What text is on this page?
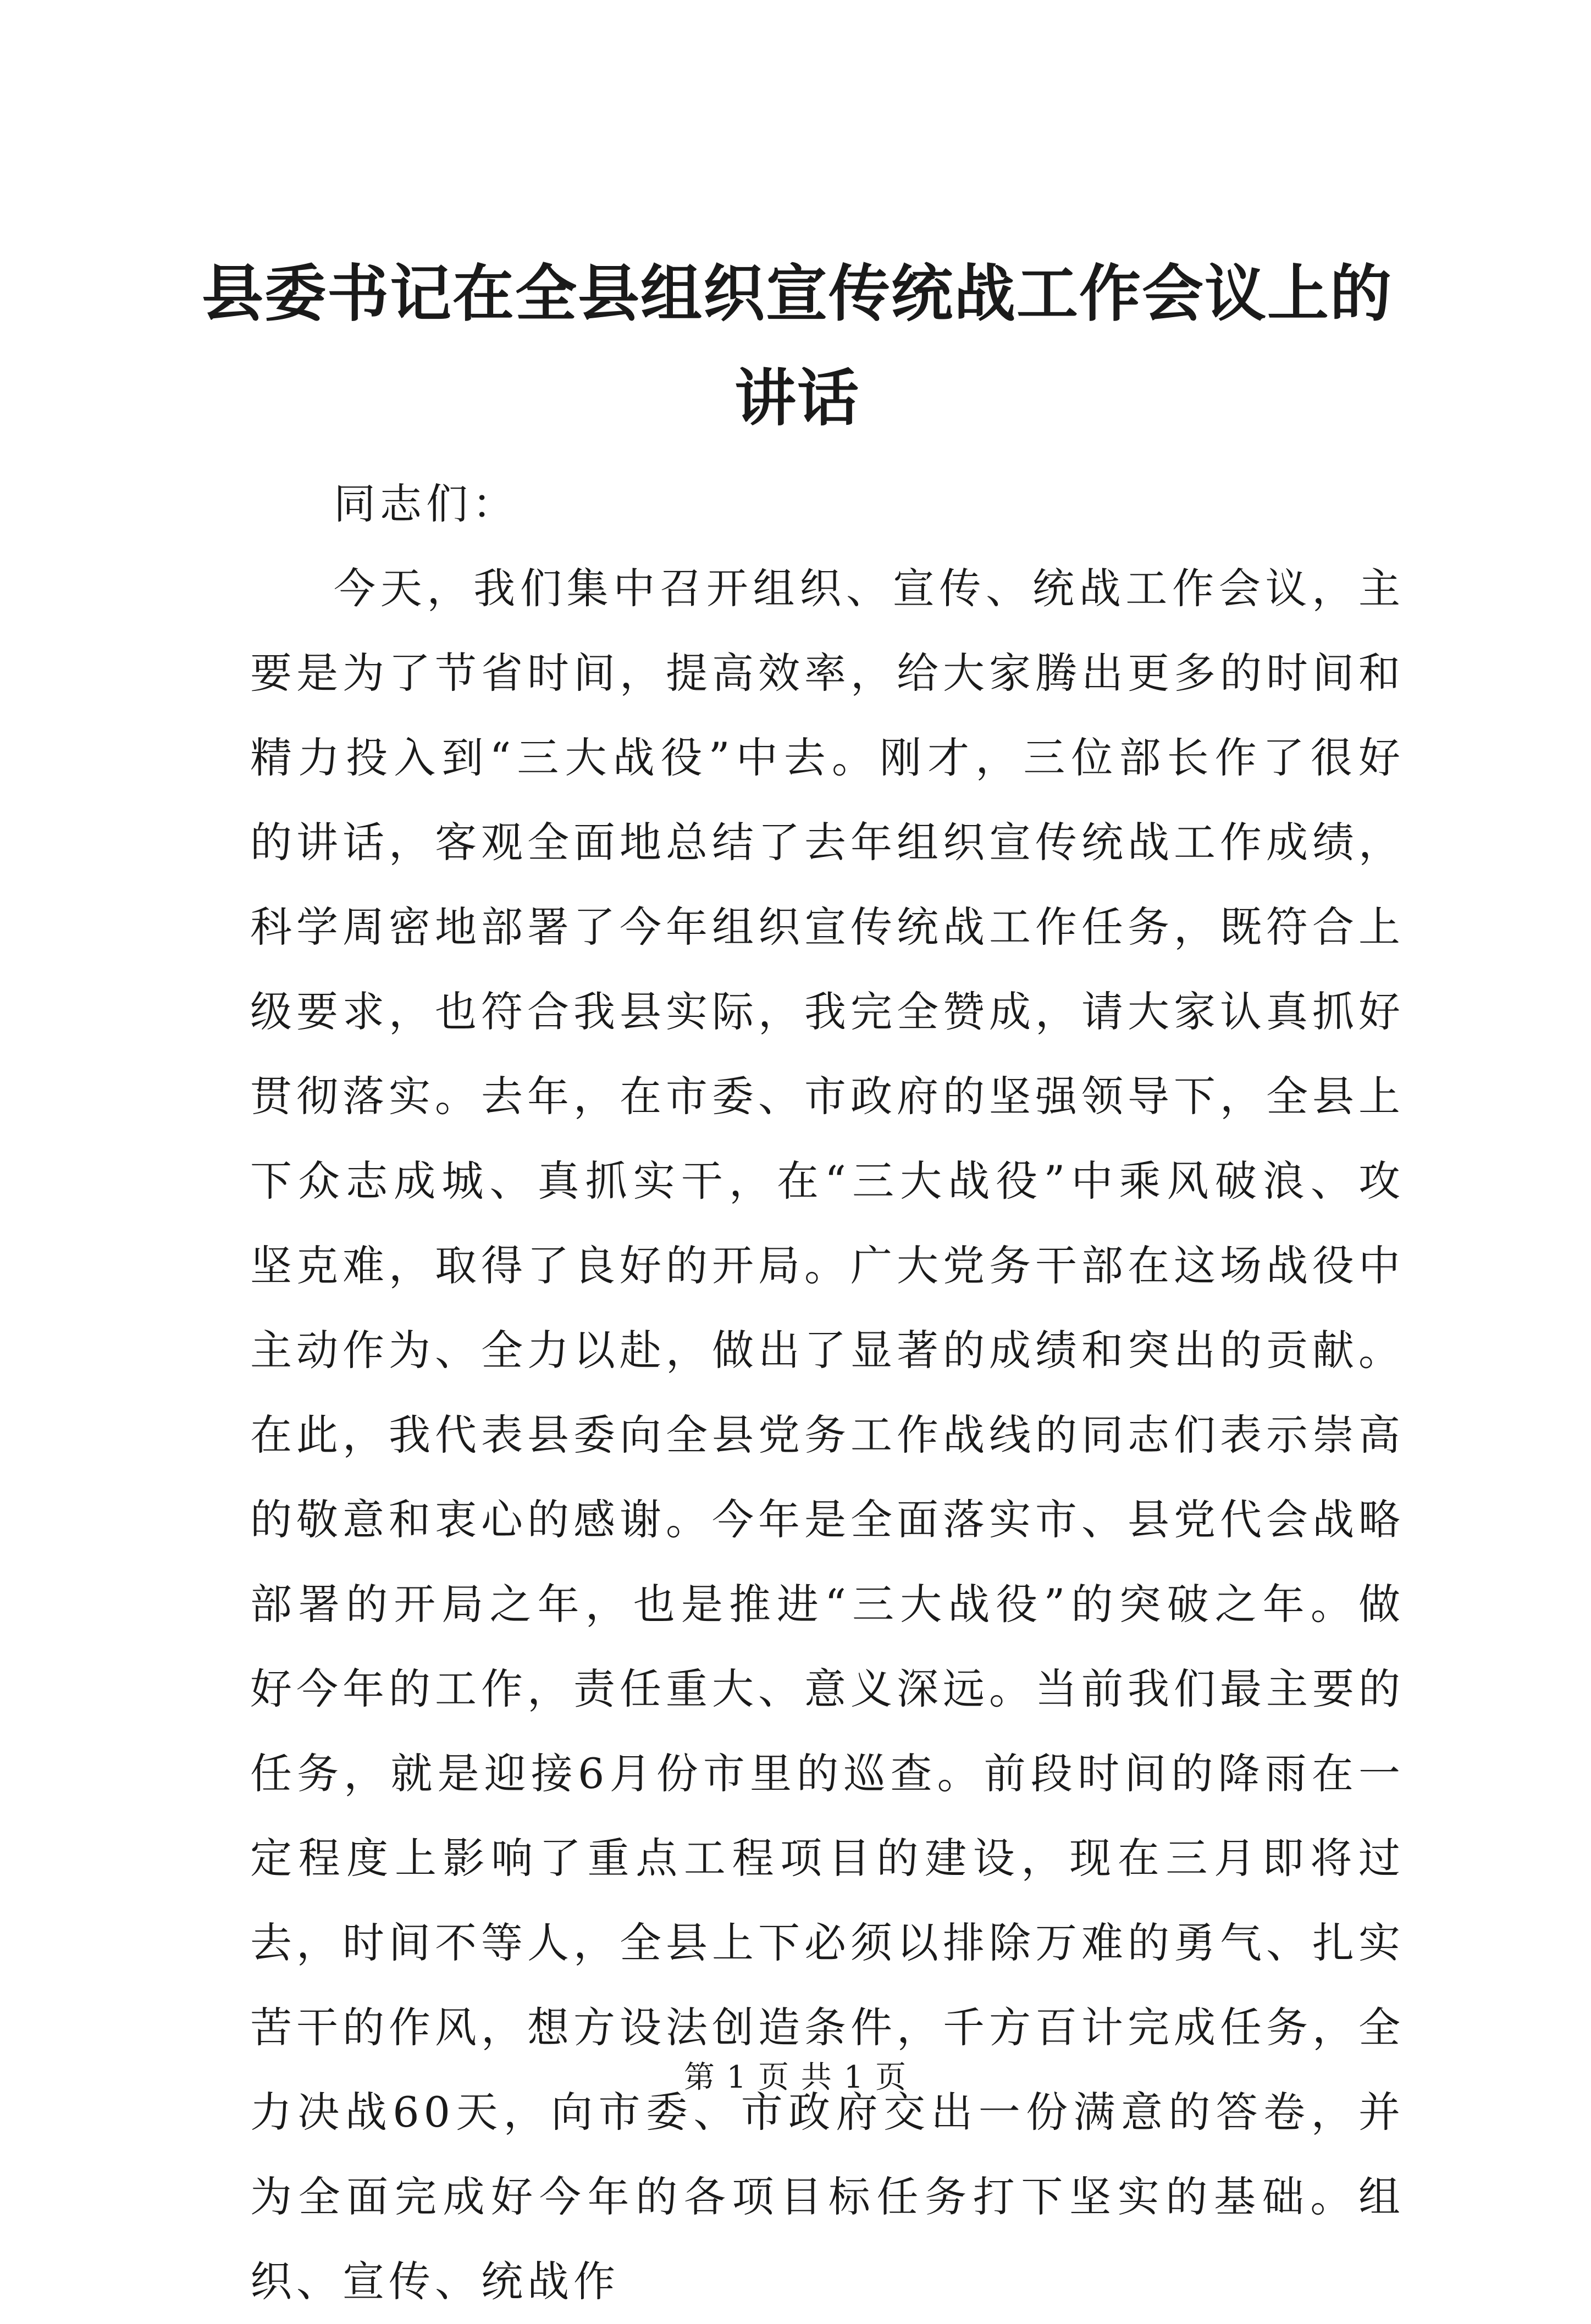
县委书记在全县组织宣传统战工作会议上的讲话

同志们：

今天，我们集中召开组织、宣传、统战工作会议，主要是为了节省时间，提高效率，给大家腾出更多的时间和精力投入到“三大战役”中去。刚才，三位部长作了很好的讲话，客观全面地总结了去年组织宣传统战工作成绩，科学周密地部署了今年组织宣传统战工作任务，既符合上级要求，也符合我县实际，我完全赞成，请大家认真抓好贯彻落实。去年，在市委、市政府的坚强领导下，全县上下众志成城、真抓实干，在“三大战役”中乘风破浪、攻坚克难，取得了良好的开局。广大党务干部在这场战役中主动作为、全力以赴，做出了显著的成绩和突出的贡献。在此，我代表县委向全县党务工作战线的同志们表示崇高的敬意和衷心的感谢。今年是全面落实市、县党代会战略部署的开局之年，也是推进“三大战役”的突破之年。做好今年的工作，责任重大、意义深远。当前我们最主要的任务，就是迎接6月份市里的巡查。前段时间的降雨在一定程度上影响了重点工程项目的建设，现在三月即将过去，时间不等人，全县上下必须以排除万难的勇气、扎实苦干的作风，想方设法创造条件，千方百计完成任务，全力决战60天，向市委、市政府交出一份满意的答卷，并为全面完成好今年的各项目标任务打下坚实的基础。组织、宣传、统战作

第 1 页 共 1 页
